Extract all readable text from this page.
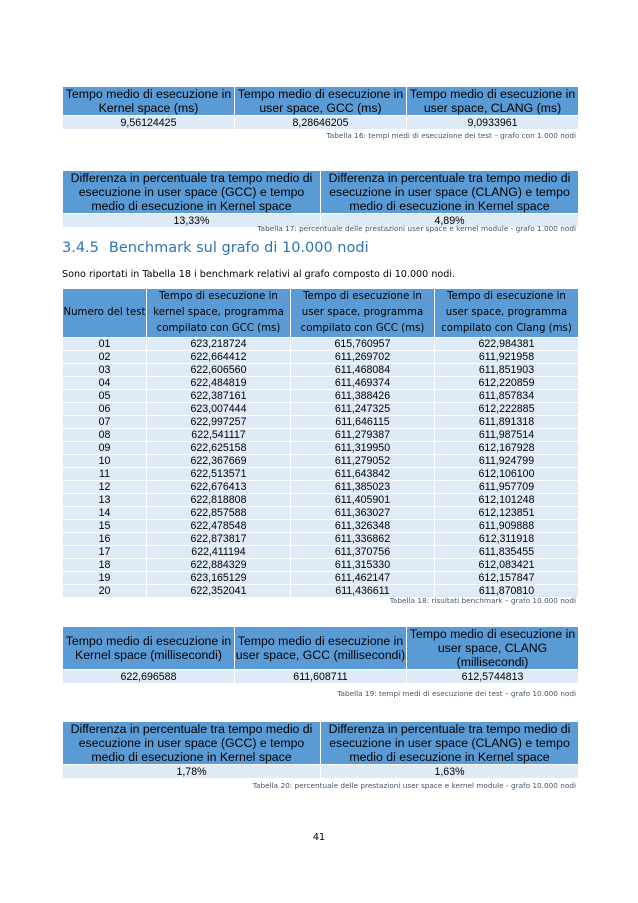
Tempo medio di esecuzione in Kernel space (ms)	Tempo medio di esecuzione in user space, GCC (ms)	Tempo medio di esecuzione in user space, CLANG (ms)
9,56124425	8,28646205	9,0933961
Tabella 16: tempi medi di esecuzione dei test – grafo con 1.000 nodi
Differenza in percentuale tra tempo medio di esecuzione in user space (GCC) e tempo medio di esecuzione in Kernel space	Differenza in percentuale tra tempo medio di esecuzione in user space (CLANG) e tempo medio di esecuzione in Kernel space
13,33%	4,89%
Tabella 17: percentuale delle prestazioni user space e kernel module - grafo 1.000 nodi
3.4.5 Benchmark sul grafo di 10.000 nodi
Sono riportati in Tabella 18 i benchmark relativi al grafo composto di 10.000 nodi.
Numero del test	Tempo di esecuzione in kernel space, programma compilato con GCC (ms)	Tempo di esecuzione in user space, programma compilato con GCC (ms)	Tempo di esecuzione in user space, programma compilato con Clang (ms)
01	623,218724	615,760957	622,984381
02	622,664412	611,269702	611,921958
03	622,606560	611,468084	611,851903
04	622,484819	611,469374	612,220859
05	622,387161	611,388426	611,857834
06	623,007444	611,247325	612,222885
07	622,997257	611,646115	611,891318
08	622,541117	611,279387	611,987514
09	622,625158	611,319950	612,167928
10	622,367669	611,279052	611,924799
11	622,513571	611,643842	612,106100
12	622,676413	611,385023	611,957709
13	622,818808	611,405901	612,101248
14	622,857588	611,363027	612,123851
15	622,478548	611,326348	611,909888
16	622,873817	611,336862	612,311918
17	622,411194	611,370756	611,835455
18	622,884329	611,315330	612,083421
19	623,165129	611,462147	612,157847
20	622,352041	611,436611	611,870810
Tabella 18: risultati benchmark – grafo 10.000 nodi
Tempo medio di esecuzione in Kernel space (millisecondi)	Tempo medio di esecuzione in user space, GCC (millisecondi)	Tempo medio di esecuzione in user space, CLANG (millisecondi)
622,696588	611,608711	612,5744813
Tabella 19: tempi medi di esecuzione dei test – grafo 10.000 nodi
Differenza in percentuale tra tempo medio di esecuzione in user space (GCC) e tempo medio di esecuzione in Kernel space	Differenza in percentuale tra tempo medio di esecuzione in user space (CLANG) e tempo medio di esecuzione in Kernel space
1,78%	1,63%
Tabella 20: percentuale delle prestazioni user space e kernel module - grafo 10.000 nodi
41
